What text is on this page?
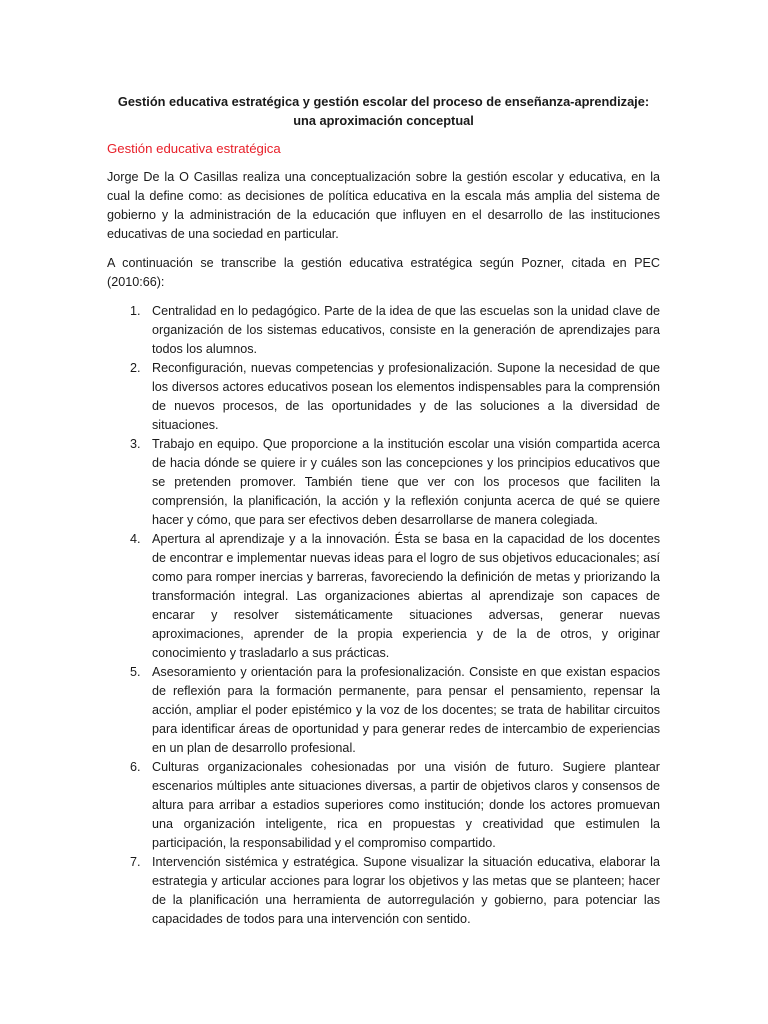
Gestión educativa estratégica y gestión escolar del proceso de enseñanza-aprendizaje: una aproximación conceptual
Gestión educativa estratégica

Jorge De la O Casillas realiza una conceptualización sobre la gestión escolar y educativa, en la cual la define como: as decisiones de política educativa en la escala más amplia del sistema de gobierno y la administración de la educación que influyen en el desarrollo de las instituciones educativas de una sociedad en particular.

A continuación se transcribe la gestión educativa estratégica según Pozner, citada en PEC (2010:66):

1. Centralidad en lo pedagógico. Parte de la idea de que las escuelas son la unidad clave de organización de los sistemas educativos, consiste en la generación de aprendizajes para todos los alumnos.
2. Reconfiguración, nuevas competencias y profesionalización. Supone la necesidad de que los diversos actores educativos posean los elementos indispensables para la comprensión de nuevos procesos, de las oportunidades y de las soluciones a la diversidad de situaciones.
3. Trabajo en equipo. Que proporcione a la institución escolar una visión compartida acerca de hacia dónde se quiere ir y cuáles son las concepciones y los principios educativos que se pretenden promover. También tiene que ver con los procesos que faciliten la comprensión, la planificación, la acción y la reflexión conjunta acerca de qué se quiere hacer y cómo, que para ser efectivos deben desarrollarse de manera colegiada.
4. Apertura al aprendizaje y a la innovación. Ésta se basa en la capacidad de los docentes de encontrar e implementar nuevas ideas para el logro de sus objetivos educacionales; así como para romper inercias y barreras, favoreciendo la definición de metas y priorizando la transformación integral. Las organizaciones abiertas al aprendizaje son capaces de encarar y resolver sistemáticamente situaciones adversas, generar nuevas aproximaciones, aprender de la propia experiencia y de la de otros, y originar conocimiento y trasladarlo a sus prácticas.
5. Asesoramiento y orientación para la profesionalización. Consiste en que existan espacios de reflexión para la formación permanente, para pensar el pensamiento, repensar la acción, ampliar el poder epistémico y la voz de los docentes; se trata de habilitar circuitos para identificar áreas de oportunidad y para generar redes de intercambio de experiencias en un plan de desarrollo profesional.
6. Culturas organizacionales cohesionadas por una visión de futuro. Sugiere plantear escenarios múltiples ante situaciones diversas, a partir de objetivos claros y consensos de altura para arribar a estadios superiores como institución; donde los actores promuevan una organización inteligente, rica en propuestas y creatividad que estimulen la participación, la responsabilidad y el compromiso compartido.
7. Intervención sistémica y estratégica. Supone visualizar la situación educativa, elaborar la estrategia y articular acciones para lograr los objetivos y las metas que se planteen; hacer de la planificación una herramienta de autorregulación y gobierno, para potenciar las capacidades de todos para una intervención con sentido.
